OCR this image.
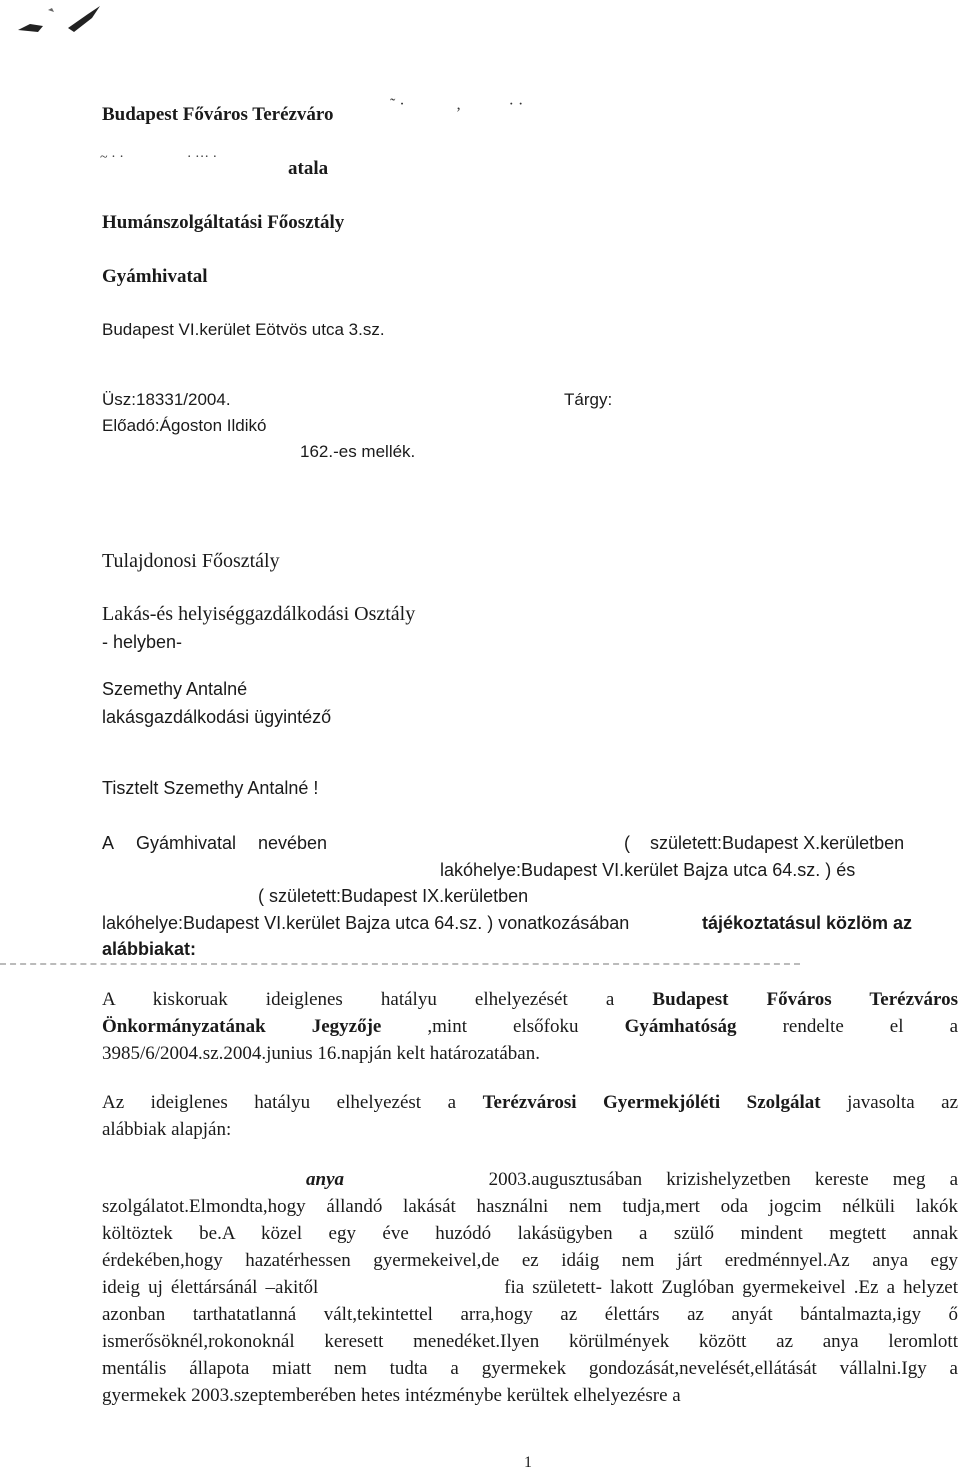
Budapest Főváros Terézváro	˜ ·             ,            · ·
~ · ·                  · ··· ·
atala
Humánszolgáltatási Főosztály
Gyámhivatal
Budapest VI.kerület Eötvös utca 3.sz.
Üsz:18331/2004.	Tárgy:
Előadó:Ágoston Ildikó
162.-es mellék.
Tulajdonosi Főosztály
Lakás-és helyiséggazdálkodási Osztály
- helyben-
Szemethy Antalné
lakásgazdálkodási ügyintéző
Tisztelt Szemethy Antalné !
A Gyámhivatal nevében	( született:Budapest X.kerületben
lakóhelye:Budapest VI.kerület Bajza utca 64.sz. ) és
( született:Budapest IX.kerületben
lakóhelye:Budapest VI.kerület Bajza utca 64.sz. ) vonatkozásában	tájékoztatásul közlöm az
alábbiakat:
A kiskoruak ideiglenes hatályu elhelyezését a Budapest Főváros Terézváros
Önkormányzatának Jegyzője ,mint elsőfoku Gyámhatóság rendelte el a
3985/6/2004.sz.2004.junius 16.napján kelt határozatában.
Az ideiglenes hatályu elhelyezést a Terézvárosi Gyermekjóléti Szolgálat javasolta az
alábbiak alapján:
anya	2003.augusztusában krizishelyzetben kereste meg a
szolgálatot.Elmondta,hogy állandó lakását használni nem tudja,mert oda jogcim nélküli lakók
költöztek be.A közel egy éve huzódó lakásügyben a szülő mindent megtett annak
érdekében,hogy hazatérhessen gyermekeivel,de ez idáig nem járt eredménnyel.Az anya egy
ideig uj élettársánál –akitől	fia született- lakott Zuglóban gyermekeivel .Ez a helyzet
azonban tarthatatlanná vált,tekintettel arra,hogy az élettárs az anyát bántalmazta,igy ő
ismerősöknél,rokonoknál keresett menedéket.Ilyen körülmények között az anya leromlott
mentális állapota miatt nem tudta a gyermekek gondozását,nevelését,ellátását vállalni.Igy a
gyermekek 2003.szeptemberében hetes intézménybe kerültek elhelyezésre a
1
